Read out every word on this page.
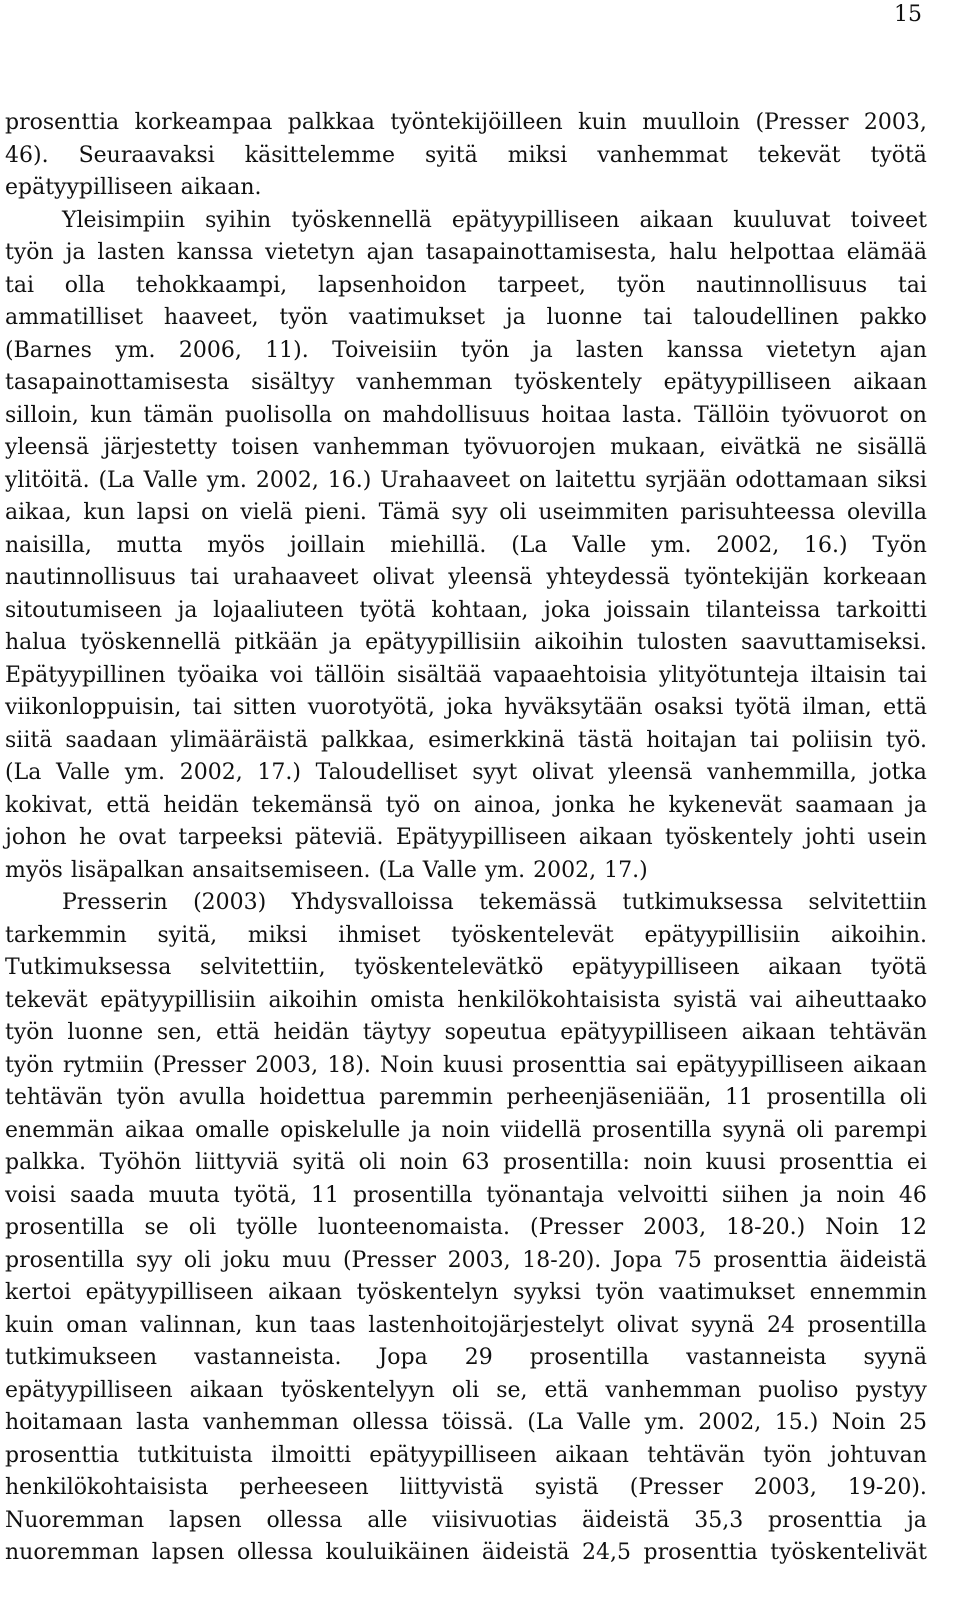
15
prosenttia korkeampaa palkkaa työntekijöilleen kuin muulloin (Presser 2003,
46). Seuraavaksi käsittelemme syitä miksi vanhemmat tekevät työtä
epätyypilliseen aikaan.
Yleisimpiin syihin työskennellä epätyypilliseen aikaan kuuluvat toiveet
työn ja lasten kanssa vietetyn ajan tasapainottamisesta, halu helpottaa elämää
tai olla tehokkaampi, lapsenhoidon tarpeet, työn nautinnollisuus tai
ammatilliset haaveet, työn vaatimukset ja luonne tai taloudellinen pakko
(Barnes ym. 2006, 11). Toiveisiin työn ja lasten kanssa vietetyn ajan
tasapainottamisesta sisältyy vanhemman työskentely epätyypilliseen aikaan
silloin, kun tämän puolisolla on mahdollisuus hoitaa lasta. Tällöin työvuorot on
yleensä järjestetty toisen vanhemman työvuorojen mukaan, eivätkä ne sisällä
ylitöitä. (La Valle ym. 2002, 16.) Urahaaveet on laitettu syrjään odottamaan siksi
aikaa, kun lapsi on vielä pieni. Tämä syy oli useimmiten parisuhteessa olevilla
naisilla, mutta myös joillain miehillä. (La Valle ym. 2002, 16.) Työn
nautinnollisuus tai urahaaveet olivat yleensä yhteydessä työntekijän korkeaan
sitoutumiseen ja lojaaliuteen työtä kohtaan, joka joissain tilanteissa tarkoitti
halua työskennellä pitkään ja epätyypillisiin aikoihin tulosten saavuttamiseksi.
Epätyypillinen työaika voi tällöin sisältää vapaaehtoisia ylityötunteja iltaisin tai
viikonloppuisin, tai sitten vuorotyötä, joka hyväksytään osaksi työtä ilman, että
siitä saadaan ylimääräistä palkkaa, esimerkkinä tästä hoitajan tai poliisin työ.
(La Valle ym. 2002, 17.) Taloudelliset syyt olivat yleensä vanhemmilla, jotka
kokivat, että heidän tekemänsä työ on ainoa, jonka he kykenevät saamaan ja
johon he ovat tarpeeksi päteviä. Epätyypilliseen aikaan työskentely johti usein
myös lisäpalkan ansaitsemiseen. (La Valle ym. 2002, 17.)
Presserin (2003) Yhdysvalloissa tekemässä tutkimuksessa selvitettiin
tarkemmin syitä, miksi ihmiset työskentelevät epätyypillisiin aikoihin.
Tutkimuksessa selvitettiin, työskentelevätkö epätyypilliseen aikaan työtä
tekevät epätyypillisiin aikoihin omista henkilökohtaisista syistä vai aiheuttaako
työn luonne sen, että heidän täytyy sopeutua epätyypilliseen aikaan tehtävän
työn rytmiin (Presser 2003, 18). Noin kuusi prosenttia sai epätyypilliseen aikaan
tehtävän työn avulla hoidettua paremmin perheenjäseniään, 11 prosentilla oli
enemmän aikaa omalle opiskelulle ja noin viidellä prosentilla syynä oli parempi
palkka. Työhön liittyviä syitä oli noin 63 prosentilla: noin kuusi prosenttia ei
voisi saada muuta työtä, 11 prosentilla työnantaja velvoitti siihen ja noin 46
prosentilla se oli työlle luonteenomaista. (Presser 2003, 18-20.) Noin 12
prosentilla syy oli joku muu (Presser 2003, 18-20). Jopa 75 prosenttia äideistä
kertoi epätyypilliseen aikaan työskentelyn syyksi työn vaatimukset ennemmin
kuin oman valinnan, kun taas lastenhoitojärjestelyt olivat syynä 24 prosentilla
tutkimukseen vastanneista. Jopa 29 prosentilla vastanneista syynä
epätyypilliseen aikaan työskentelyyn oli se, että vanhemman puoliso pystyy
hoitamaan lasta vanhemman ollessa töissä. (La Valle ym. 2002, 15.) Noin 25
prosenttia tutkituista ilmoitti epätyypilliseen aikaan tehtävän työn johtuvan
henkilökohtaisista perheeseen liittyvistä syistä (Presser 2003, 19-20).
Nuoremman lapsen ollessa alle viisivuotias äideistä 35,3 prosenttia ja
nuoremman lapsen ollessa kouluikäinen äideistä 24,5 prosenttia työskentelivät
